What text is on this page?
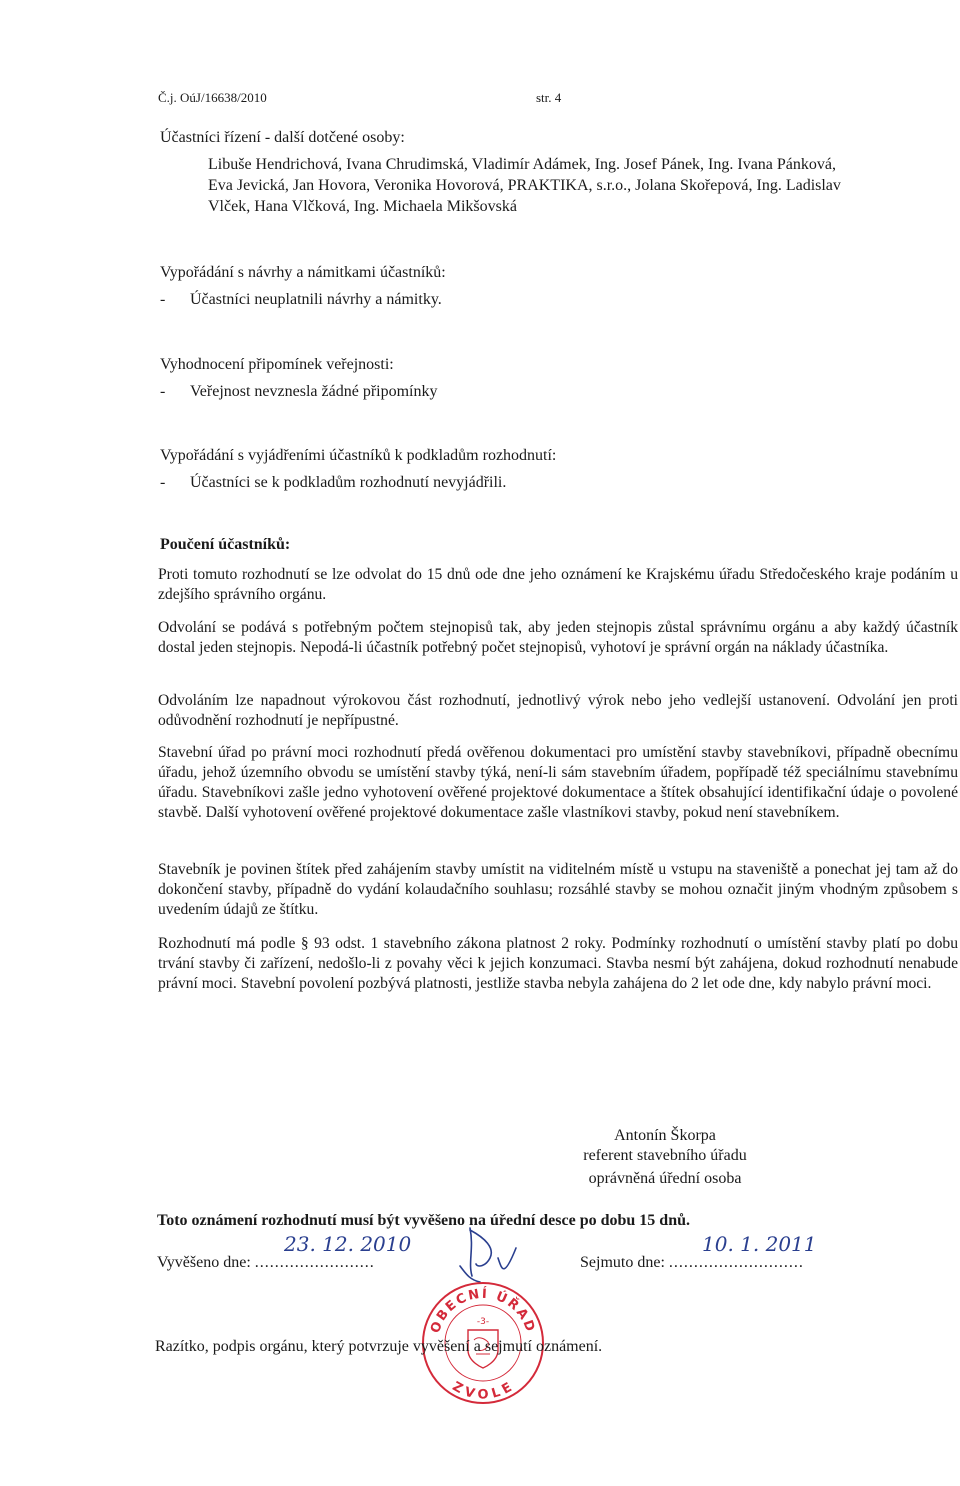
Č.j. OúJ/16638/2010	str. 4
Účastníci řízení - další dotčené osoby:
Libuše Hendrichová, Ivana Chrudimská, Vladimír Adámek, Ing. Josef Pánek, Ing. Ivana Pánková,
Eva Jevická, Jan Hovora, Veronika Hovorová, PRAKTIKA, s.r.o., Jolana Skořepová, Ing. Ladislav
Vlček, Hana Vlčková, Ing. Michaela Mikšovská
Vypořádání s návrhy a námitkami účastníků:
- Účastníci neuplatnili návrhy a námitky.
Vyhodnocení připomínek veřejnosti:
- Veřejnost nevznesla žádné připomínky
Vypořádání s vyjádřeními účastníků k podkladům rozhodnutí:
- Účastníci se k podkladům rozhodnutí nevyjádřili.
Poučení účastníků:
Proti tomuto rozhodnutí se lze odvolat do 15 dnů ode dne jeho oznámení ke Krajskému úřadu Středočeského kraje podáním u zdejšího správního orgánu.
Odvolání se podává s potřebným počtem stejnopisů tak, aby jeden stejnopis zůstal správnímu orgánu a aby každý účastník dostal jeden stejnopis. Nepodá-li účastník potřebný počet stejnopisů, vyhotoví je správní orgán na náklady účastníka.
Odvoláním lze napadnout výrokovou část rozhodnutí, jednotlivý výrok nebo jeho vedlejší ustanovení. Odvolání jen proti odůvodnění rozhodnutí je nepřípustné.
Stavební úřad po právní moci rozhodnutí předá ověřenou dokumentaci pro umístění stavby stavebníkovi, případně obecnímu úřadu, jehož územního obvodu se umístění stavby týká, není-li sám stavebním úřadem, popřípadě též speciálnímu stavebnímu úřadu. Stavebníkovi zašle jedno vyhotovení ověřené projektové dokumentace a štítek obsahující identifikační údaje o povolené stavbě. Další vyhotovení ověřené projektové dokumentace zašle vlastníkovi stavby, pokud není stavebníkem.
Stavebník je povinen štítek před zahájením stavby umístit na viditelném místě u vstupu na staveniště a ponechat jej tam až do dokončení stavby, případně do vydání kolaudačního souhlasu; rozsáhlé stavby se mohou označit jiným vhodným způsobem s uvedením údajů ze štítku.
Rozhodnutí má podle § 93 odst. 1 stavebního zákona platnost 2 roky. Podmínky rozhodnutí o umístění stavby platí po dobu trvání stavby či zařízení, nedošlo-li z povahy věci k jejich konzumaci. Stavba nesmí být zahájena, dokud rozhodnutí nenabude právní moci. Stavební povolení pozbývá platnosti, jestliže stavba nebyla zahájena do 2 let ode dne, kdy nabylo právní moci.
Antonín Škorpa
referent stavebního úřadu
oprávněná úřední osoba
Toto oznámení rozhodnutí musí být vyvěšeno na úřední desce po dobu 15 dnů.
Vyvěšeno dne: ........................
23. 12. 2010
Sejmuto dne: ...........................
10. 1. 2011
OBECNÍ ÚŘAD
-3-
ZVOLE
Razítko, podpis orgánu, který potvrzuje vyvěšení a sejmutí oznámení.
